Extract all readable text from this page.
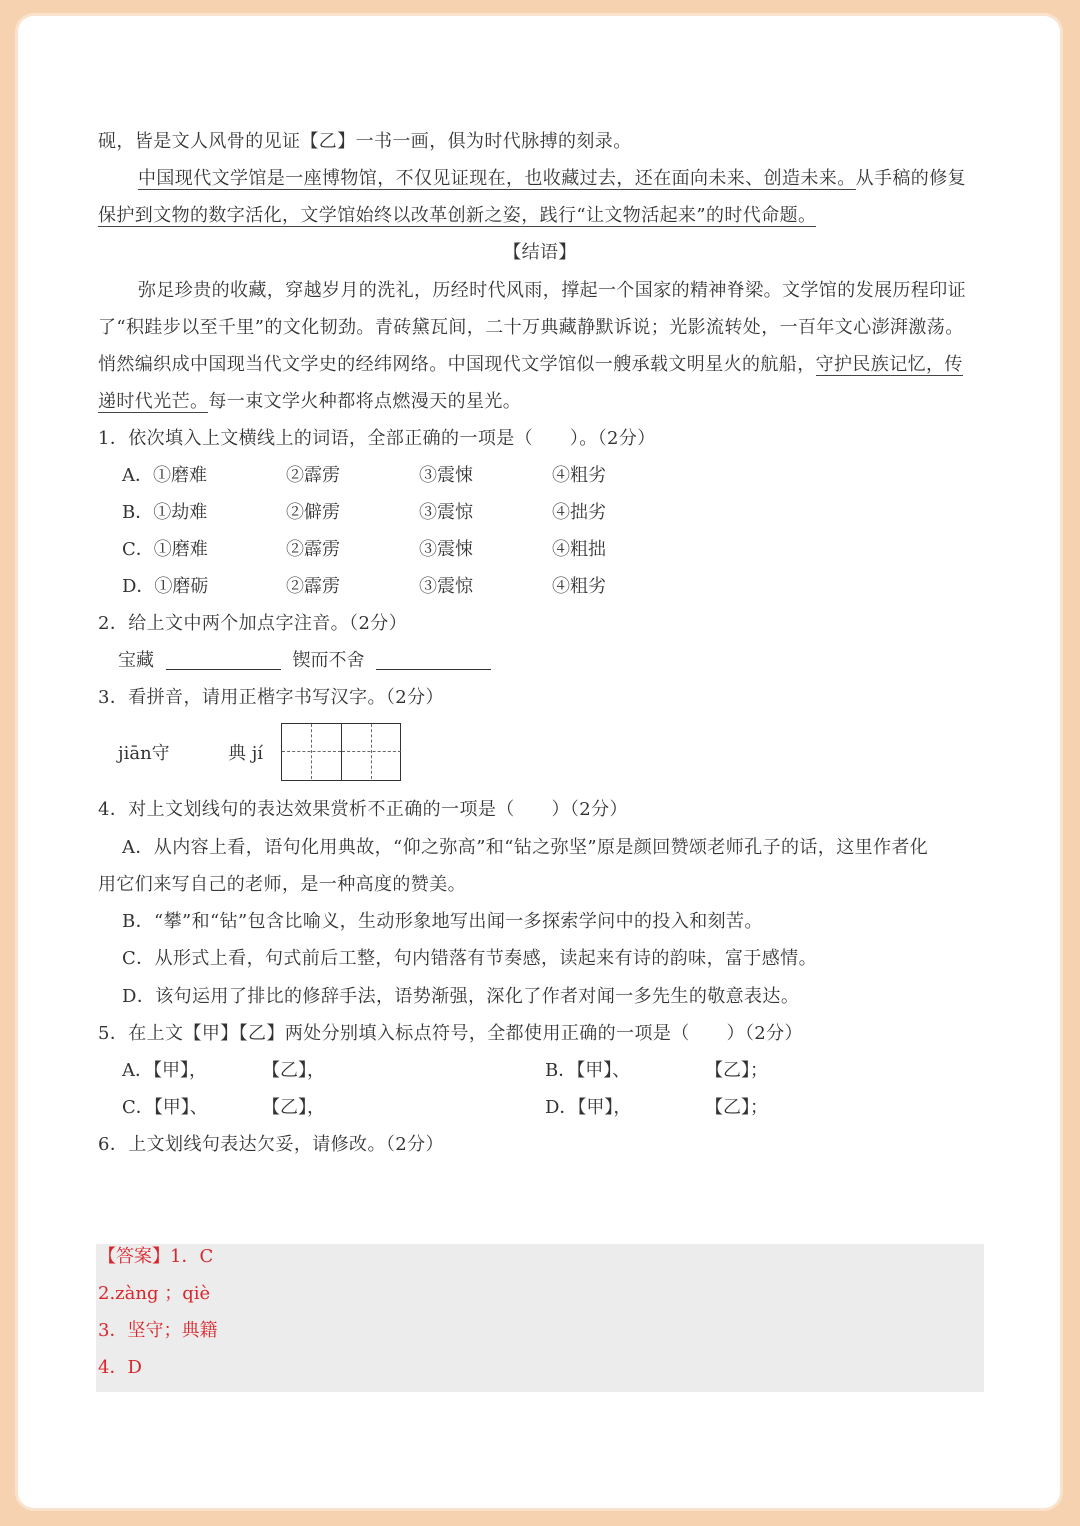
砚，皆是文人风骨的见证【乙】一书一画，俱为时代脉搏的刻录。
中国现代文学馆是一座博物馆，不仅见证现在，也收藏过去，还在面向未来、创造未来。从手稿的修复
保护到文物的数字活化，文学馆始终以改革创新之姿，践行“让文物活起来”的时代命题。
【结语】
弥足珍贵的收藏，穿越岁月的洗礼，历经时代风雨，撑起一个国家的精神脊梁。文学馆的发展历程印证
了“积跬步以至千里”的文化韧劲。青砖黛瓦间，二十万典藏静默诉说；光影流转处，一百年文心澎湃激荡。
悄然编织成中国现当代文学史的经纬网络。中国现代文学馆似一艘承载文明星火的航船，守护民族记忆，传
递时代光芒。每一束文学火种都将点燃漫天的星光。
1．依次填入上文横线上的词语，全部正确的一项是（　　）。（2分）
A．①磨难	②霹雳	③震悚	④粗劣
B．①劫难	②僻雳	③震惊	④拙劣
C．①磨难	②霹雳	③震悚	④粗拙
D．①磨砺	②霹雳	③震惊	④粗劣
2．给上文中两个加点字注音。（2分）
宝藏	锲而不舍
3．看拼音，请用正楷字书写汉字。（2分）
jiān守	典 jí
4．对上文划线句的表达效果赏析不正确的一项是（　　）（2分）
A．从内容上看，语句化用典故，“仰之弥高”和“钻之弥坚”原是颜回赞颂老师孔子的话，这里作者化
用它们来写自己的老师，是一种高度的赞美。
B．“攀”和“钻”包含比喻义，生动形象地写出闻一多探索学问中的投入和刻苦。
C．从形式上看，句式前后工整，句内错落有节奏感，读起来有诗的韵味，富于感情。
D．该句运用了排比的修辞手法，语势渐强，深化了作者对闻一多先生的敬意表达。
5．在上文【甲】【乙】两处分别填入标点符号，全都使用正确的一项是（　　）（2分）
A．【甲】，	【乙】，	B．【甲】、	【乙】；
C．【甲】、	【乙】，	D．【甲】，	【乙】；
6．上文划线句表达欠妥，请修改。（2分）
【答案】1．C
2.zàng ；qiè
3．坚守；典籍
4．D
